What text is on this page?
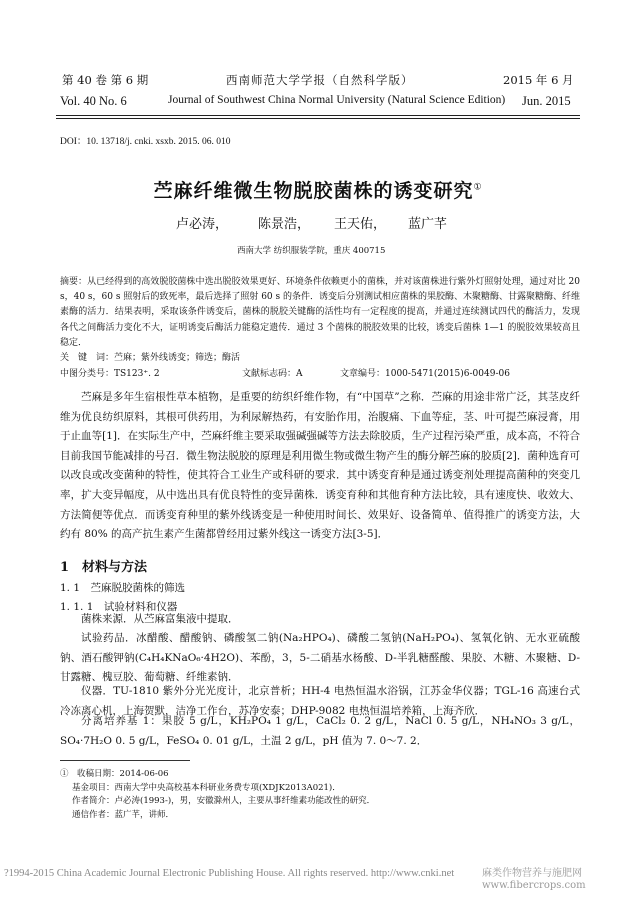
第 40 卷 第 6 期	西南师范大学学报（自然科学版）	2015 年 6 月
Vol. 40 No. 6	Journal of Southwest China Normal University (Natural Science Edition) Jun. 2015
DOI：10. 13718/j. cnki. xsxb. 2015. 06. 010
苎麻纤维微生物脱胶菌株的诱变研究①
卢必涛， 陈景浩， 王天佑， 蓝广芊
西南大学 纺织服装学院，重庆 400715
摘要：从已经得到的高效脱胶菌株中选出脱胶效果更好、环境条件依赖更小的菌株，并对该菌株进行紫外灯照射处理，通过对比 20 s，40 s，60 s 照射后的致死率，最后选择了照射 60 s 的条件．诱变后分别测试相应菌株的果胶酶、木聚糖酶、甘露聚糖酶、纤维素酶的活力．结果表明，采取该条件诱变后，菌株的脱胶关键酶的活性均有一定程度的提高，并通过连续测试四代的酶活力，发现各代之间酶活力变化不大，证明诱变后酶活力能稳定遗传．通过 3 个菌株的脱胶效果的比较，诱变后菌株 1—1 的脱胶效果较高且稳定．
关　键　词：苎麻；紫外线诱变；筛选；酶活
中图分类号：TS123⁺. 2	文献标志码：A	文章编号：1000-5471(2015)6-0049-06
苎麻是多年生宿根性草本植物，是重要的纺织纤维作物，有“中国草”之称．苎麻的用途非常广泛，其茎皮纤维为优良纺织原料，其根可供药用，为利尿解热药，有安胎作用，治腹痛、下血等症，茎、叶可提苎麻浸膏，用于止血等[1]．在实际生产中，苎麻纤维主要采取强碱强碱等方法去除胶质，生产过程污染严重，成本高，不符合目前我国节能减排的号召．微生物法脱胶的原理是利用微生物或微生物产生的酶分解苎麻的胶质[2]．菌种选育可以改良或改变菌种的特性，使其符合工业生产或科研的要求．其中诱变育种是通过诱变剂处理提高菌种的突变几率，扩大变异幅度，从中选出具有优良特性的变异菌株．诱变育种和其他育种方法比较，具有速度快、收效大、方法简便等优点．而诱变育种里的紫外线诱变是一种使用时间长、效果好、设备简单、值得推广的诱变方法，大约有 80% 的高产抗生素产生菌都曾经用过紫外线这一诱变方法[3-5]．
1　材料与方法
1. 1　苎麻脱胶菌株的筛选
1. 1. 1　试验材料和仪器
菌株来源．从苎麻富集液中提取．
试验药品．冰醋酸、醋酸钠、磷酸氢二钠(Na₂HPO₄)、磷酸二氢钠(NaH₂PO₄)、氢氧化钠、无水亚硫酸钠、酒石酸钾钠(C₄H₄KNaO₆·4H2O)、苯酚，3，5-二硝基水杨酸、D-半乳糖醛酸、果胶、木糖、木聚糖、D-甘露糖、槐豆胶、葡萄糖、纤维素钠．
仪器．TU-1810 紫外分光光度计，北京普析；HH-4 电热恒温水浴锅，江苏金华仪器；TGL-16 高速台式冷冻离心机，上海贺默，洁净工作台，苏净安泰；DHP-9082 电热恒温培养箱，上海齐欣．
分离培养基 1：果胶 5 g/L，KH₂PO₄ 1 g/L，CaCl₂ 0. 2 g/L，NaCl 0. 5 g/L，NH₄NO₃ 3 g/L，SO₄·7H₂O 0. 5 g/L，FeSO₄ 0. 01 g/L，土温 2 g/L，pH 值为 7. 0～7. 2．
①　 收稿日期：2014-06-06
基金项目：西南大学中央高校基本科研业务费专项(XDJK2013A021)．
作者简介：卢必涛(1993-)，男，安徽滁州人，主要从事纤维素功能改性的研究．
通信作者：蓝广芊，讲师．
?1994-2015 China Academic Journal Electronic Publishing House. All rights reserved. http://www.cnki.net	麻类作物营养与施肥网 www.fibercrops.com
